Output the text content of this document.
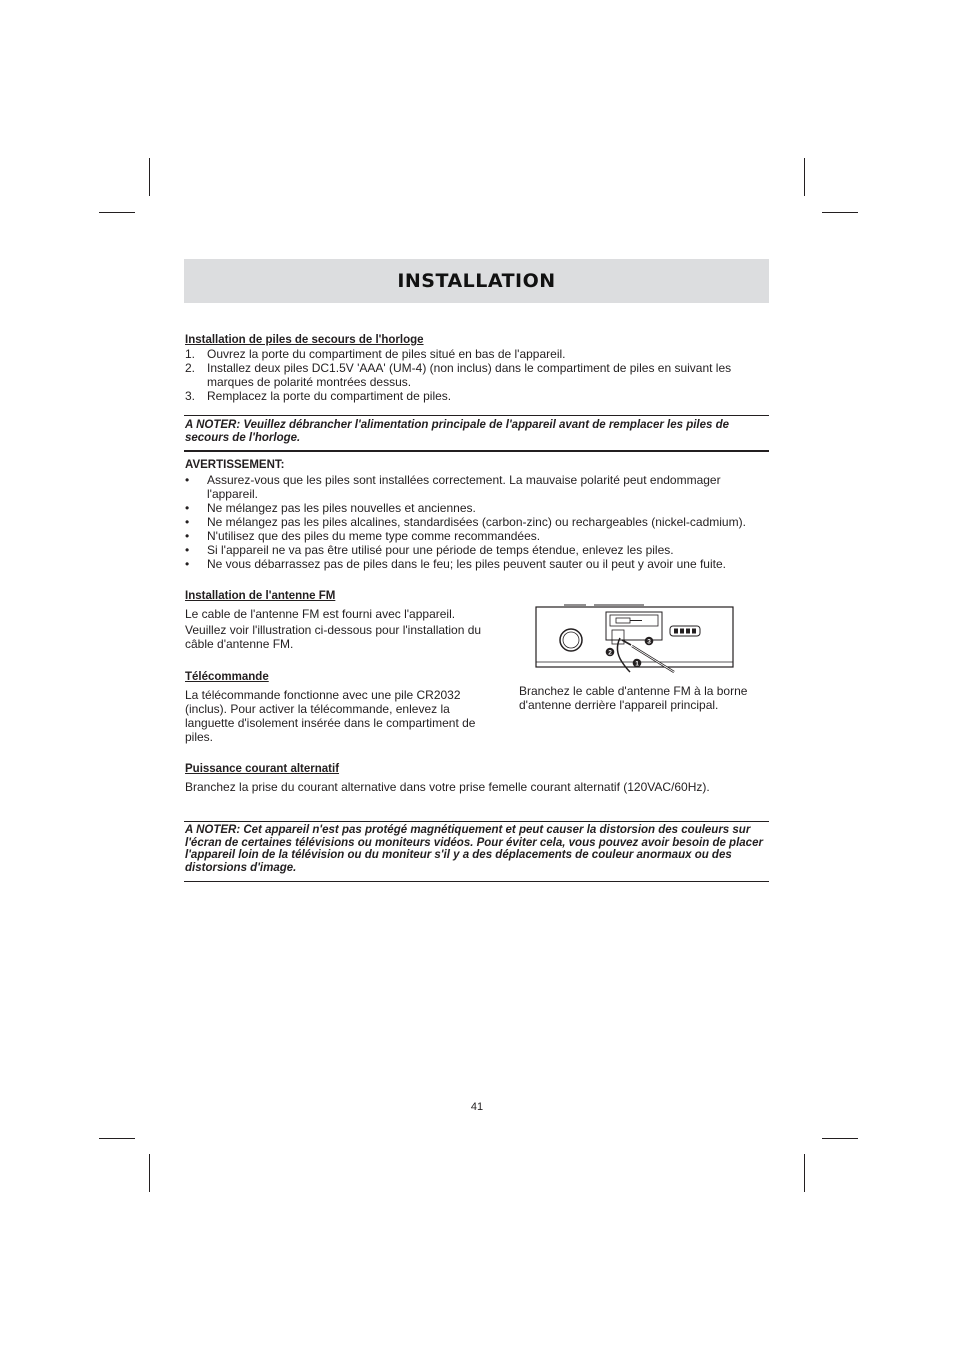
INSTALLATION
Installation de piles de secours de l'horloge
1. Ouvrez la porte du compartiment de piles situé en bas de l'appareil.
2. Installez deux piles DC1.5V 'AAA' (UM-4) (non inclus) dans le compartiment de piles en suivant les marques de polarité montrées dessus.
3. Remplacez la porte du compartiment de piles.
A NOTER: Veuillez débrancher l'alimentation principale de l'appareil avant de remplacer les piles de secours de l'horloge.
AVERTISSEMENT:
• Assurez-vous que les piles sont installées correctement. La mauvaise polarité peut endommager l'appareil.
• Ne mélangez pas les piles nouvelles et anciennes.
• Ne mélangez pas les piles alcalines, standardisées (carbon-zinc) ou rechargeables (nickel-cadmium).
• N'utilisez que des piles du meme type comme recommandées.
• Si l'appareil ne va pas être utilisé pour une période de temps étendue, enlevez les piles.
• Ne vous débarrassez pas de piles dans le feu; les piles peuvent sauter ou il peut y avoir une fuite.
Installation de l'antenne FM

Le cable de l'antenne FM est fourni avec l'appareil.

Veuillez voir l'illustration ci-dessous pour l'installation du câble d'antenne FM.

2
3
1
Branchez le cable d'antenne FM à la borne d'antenne derrière l'appareil principal.
Télécommande

La télécommande fonctionne avec une pile CR2032 (inclus). Pour activer la télécommande, enlevez la languette d'isolement insérée dans le compartiment de piles.

Puissance courant alternatif

Branchez la prise du courant alternative dans votre prise femelle courant alternatif (120VAC/60Hz).

A NOTER: Cet appareil n'est pas protégé magnétiquement et peut causer la distorsion des couleurs sur l'écran de certaines télévisions ou moniteurs vidéos. Pour éviter cela, vous pouvez avoir besoin de placer l'appareil loin de la télévision ou du moniteur s'il y a des déplacements de couleur anormaux ou des distorsions d'image.
41
